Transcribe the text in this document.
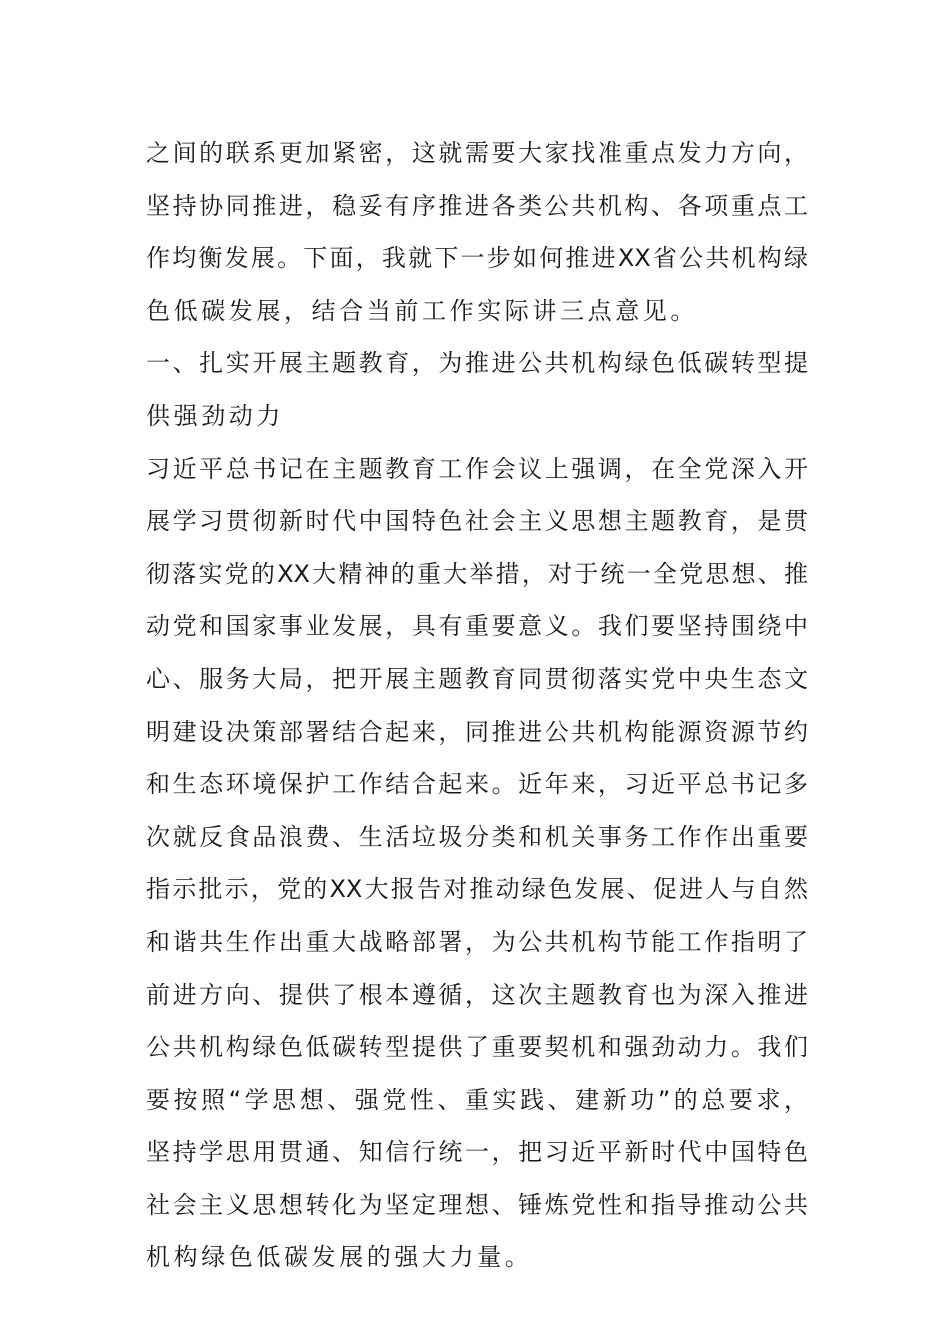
之间的联系更加紧密，这就需要大家找准重点发力方向，
坚持协同推进，稳妥有序推进各类公共机构、各项重点工
作均衡发展。下面，我就下一步如何推进XX省公共机构绿
色低碳发展，结合当前工作实际讲三点意见。
一、扎实开展主题教育，为推进公共机构绿色低碳转型提
供强劲动力
习近平总书记在主题教育工作会议上强调，在全党深入开
展学习贯彻新时代中国特色社会主义思想主题教育，是贯
彻落实党的XX大精神的重大举措，对于统一全党思想、推
动党和国家事业发展，具有重要意义。我们要坚持围绕中
心、服务大局，把开展主题教育同贯彻落实党中央生态文
明建设决策部署结合起来，同推进公共机构能源资源节约
和生态环境保护工作结合起来。近年来，习近平总书记多
次就反食品浪费、生活垃圾分类和机关事务工作作出重要
指示批示，党的XX大报告对推动绿色发展、促进人与自然
和谐共生作出重大战略部署，为公共机构节能工作指明了
前进方向、提供了根本遵循，这次主题教育也为深入推进
公共机构绿色低碳转型提供了重要契机和强劲动力。我们
要按照“学思想、强党性、重实践、建新功”的总要求，
坚持学思用贯通、知信行统一，把习近平新时代中国特色
社会主义思想转化为坚定理想、锤炼党性和指导推动公共
机构绿色低碳发展的强大力量。
